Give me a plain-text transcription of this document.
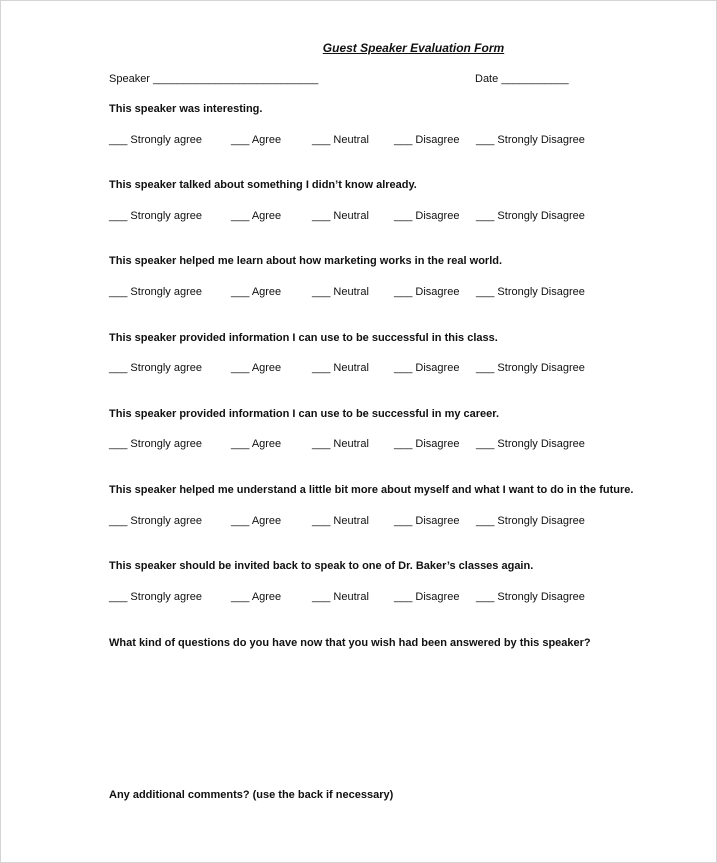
Guest Speaker Evaluation Form
Speaker ___________________________	Date ___________
This speaker was interesting.
___ Strongly agree	___ Agree	___ Neutral ___ Disagree ___ Strongly Disagree
This speaker talked about something I didn’t know already.
___ Strongly agree	___ Agree	___ Neutral ___ Disagree ___ Strongly Disagree
This speaker helped me learn about how marketing works in the real world.
___ Strongly agree	___ Agree	___ Neutral ___ Disagree ___ Strongly Disagree
This speaker provided information I can use to be successful in this class.
___ Strongly agree	___ Agree	___ Neutral ___ Disagree ___ Strongly Disagree
This speaker provided information I can use to be successful in my career.
___ Strongly agree	___ Agree	___ Neutral ___ Disagree ___ Strongly Disagree
This speaker helped me understand a little bit more about myself and what I want to do in the future.
___ Strongly agree	___ Agree	___ Neutral ___ Disagree ___ Strongly Disagree
This speaker should be invited back to speak to one of Dr. Baker’s classes again.
___ Strongly agree	___ Agree	___ Neutral ___ Disagree ___ Strongly Disagree
What kind of questions do you have now that you wish had been answered by this speaker?
Any additional comments? (use the back if necessary)
